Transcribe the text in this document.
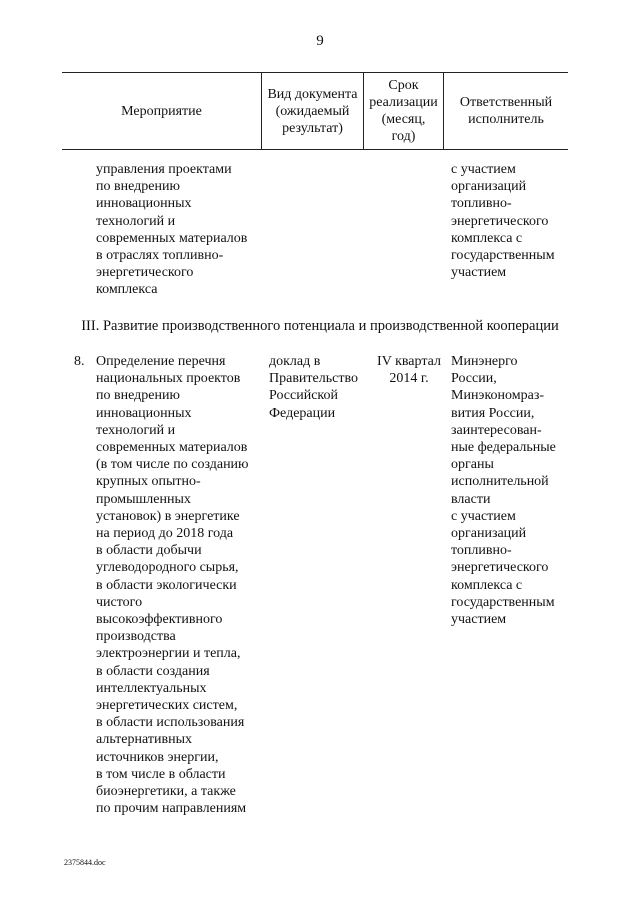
9
Мероприятие
Вид документа
(ожидаемый
результат)
Срок
реализации
(месяц,
год)
Ответственный
исполнитель
управления проектами
по внедрению
инновационных
технологий и
современных материалов
в отраслях топливно-
энергетического
комплекса
с участием
организаций
топливно-
энергетического
комплекса с
государственным
участием
III. Развитие производственного потенциала и производственной кооперации
8. Определение перечня
национальных проектов
по внедрению
инновационных
технологий и
современных материалов
(в том числе по созданию
крупных опытно-
промышленных
установок) в энергетике
на период до 2018 года
в области добычи
углеводородного сырья,
в области экологически
чистого
высокоэффективного
производства
электроэнергии и тепла,
в области создания
интеллектуальных
энергетических систем,
в области использования
альтернативных
источников энергии,
в том числе в области
биоэнергетики, а также
по прочим направлениям
доклад в
Правительство
Российской
Федерации
IV квартал
2014 г.
Минэнерго
России,
Минэкономраз-
вития России,
заинтересован-
ные федеральные
органы
исполнительной
власти
с участием
организаций
топливно-
энергетического
комплекса с
государственным
участием
2375844.doc
